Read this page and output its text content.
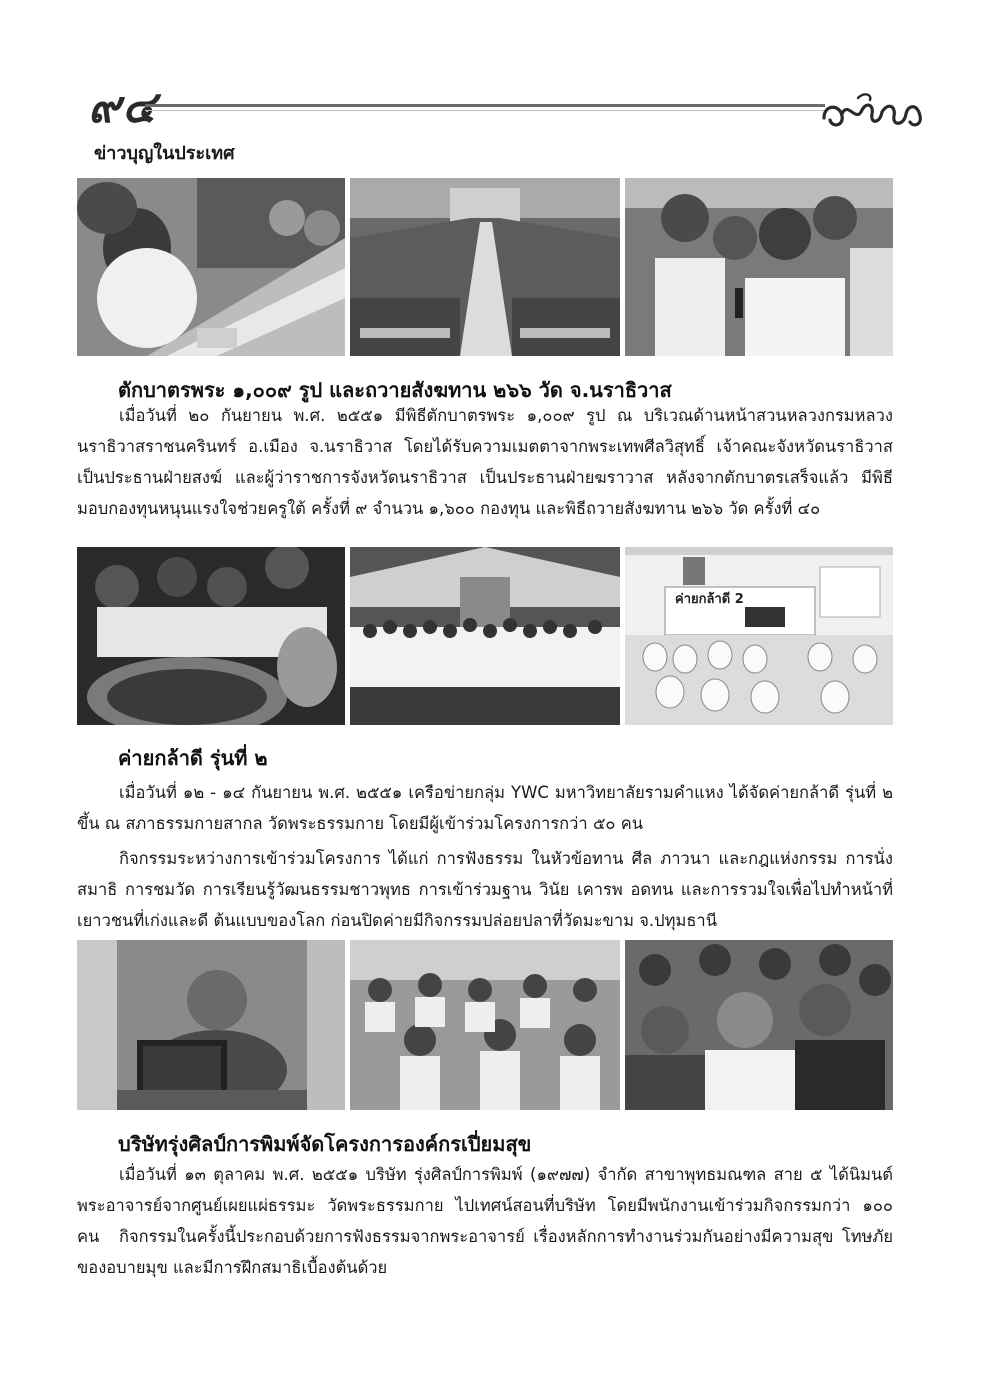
๙๔
ข่าวบุญในประเทศ
ตักบาตรพระ ๑,๐๐๙ รูป และถวายสังฆทาน ๒๖๖ วัด จ.นราธิวาส
เมื่อวันที่ ๒๐ กันยายน พ.ศ. ๒๕๕๑ มีพิธีตักบาตรพระ ๑,๐๐๙ รูป ณ บริเวณด้านหน้าสวนหลวงกรมหลวงนราธิวาสราชนครินทร์ อ.เมือง จ.นราธิวาส โดยได้รับความเมตตาจากพระเทพศีลวิสุทธิ์ เจ้าคณะจังหวัดนราธิวาส เป็นประธานฝ่ายสงฆ์ และผู้ว่าราชการจังหวัดนราธิวาส เป็นประธานฝ่ายฆราวาส หลังจากตักบาตรเสร็จแล้ว มีพิธีมอบกองทุนหนุนแรงใจช่วยครูใต้ ครั้งที่ ๙ จำนวน ๑,๖๐๐ กองทุน และพิธีถวายสังฆทาน ๒๖๖ วัด ครั้งที่ ๔๐
ค่ายกล้าดี 2
ค่ายกล้าดี รุ่นที่ ๒
เมื่อวันที่ ๑๒ - ๑๔ กันยายน พ.ศ. ๒๕๕๑ เครือข่ายกลุ่ม YWC มหาวิทยาลัยรามคำแหง ได้จัดค่ายกล้าดี รุ่นที่ ๒ ขึ้น ณ สภาธรรมกายสากล วัดพระธรรมกาย โดยมีผู้เข้าร่วมโครงการกว่า ๕๐ คน
กิจกรรมระหว่างการเข้าร่วมโครงการ ได้แก่ การฟังธรรม ในหัวข้อทาน ศีล ภาวนา และกฎแห่งกรรม การนั่งสมาธิ การชมวัด การเรียนรู้วัฒนธรรมชาวพุทธ การเข้าร่วมฐาน วินัย เคารพ อดทน และการรวมใจเพื่อไปทำหน้าที่เยาวชนที่เก่งและดี ต้นแบบของโลก ก่อนปิดค่ายมีกิจกรรมปล่อยปลาที่วัดมะขาม จ.ปทุมธานี
บริษัทรุ่งศิลป์การพิมพ์จัดโครงการองค์กรเปี่ยมสุข
เมื่อวันที่ ๑๓ ตุลาคม พ.ศ. ๒๕๕๑ บริษัท รุ่งศิลป์การพิมพ์ (๑๙๗๗) จำกัด สาขาพุทธมณฑล สาย ๕ ได้นิมนต์พระอาจารย์จากศูนย์เผยแผ่ธรรมะ วัดพระธรรมกาย ไปเทศน์สอนที่บริษัท โดยมีพนักงานเข้าร่วมกิจกรรมกว่า ๑๐๐ คน	กิจกรรมในครั้งนี้ประกอบด้วยการฟังธรรมจากพระอาจารย์ เรื่องหลักการทำงานร่วมกันอย่างมีความสุข โทษภัยของอบายมุข และมีการฝึกสมาธิเบื้องต้นด้วย
